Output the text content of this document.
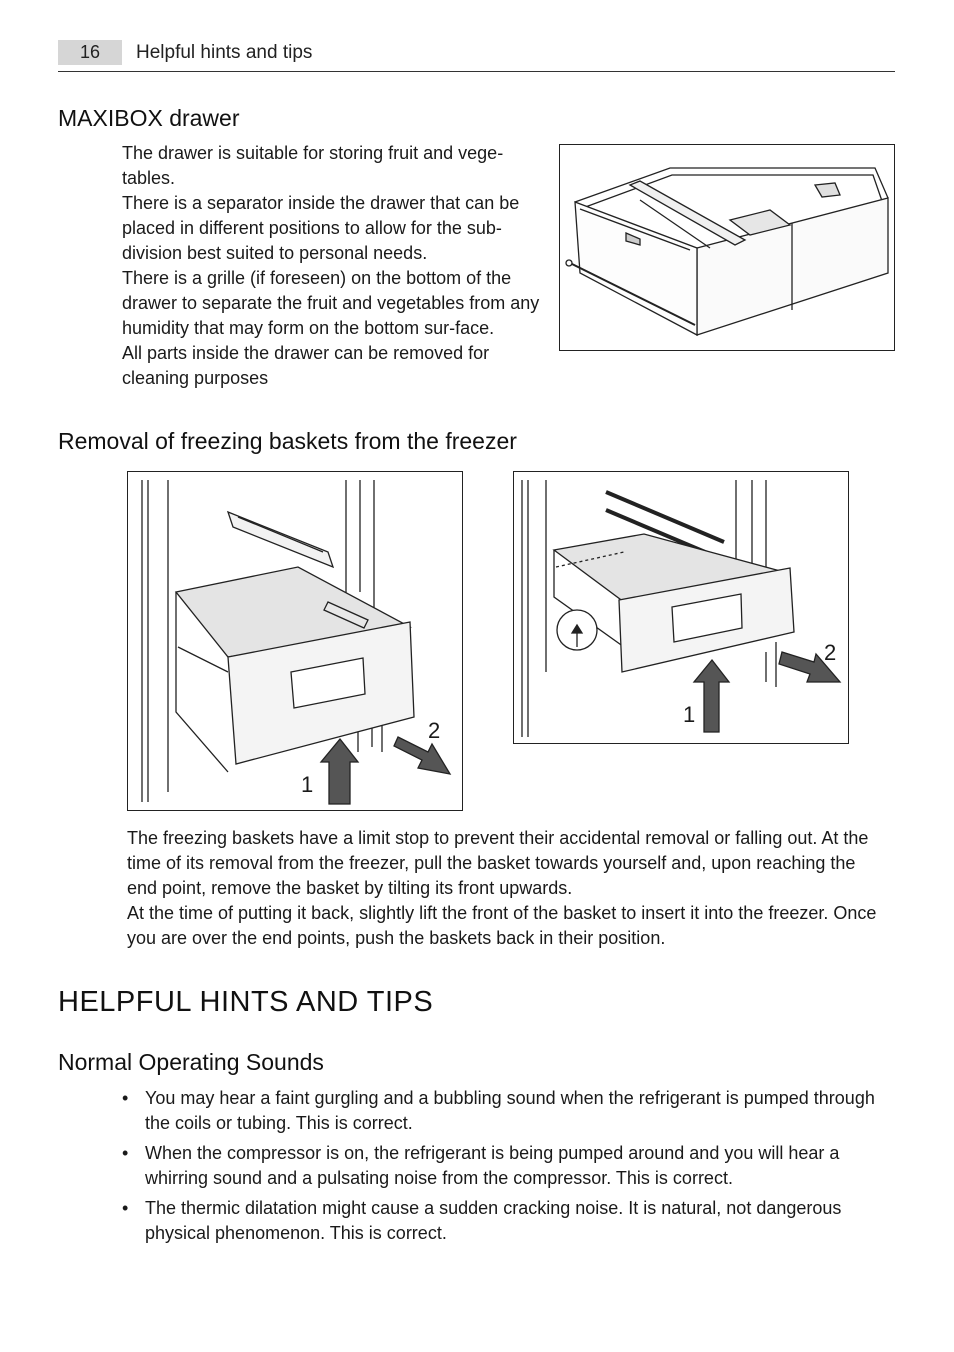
16	Helpful hints and tips
MAXIBOX drawer

The drawer is suitable for storing fruit and vege-tables.

There is a separator inside the drawer that can be placed in different positions to allow for the sub-division best suited to personal needs.

There is a grille (if foreseen) on the bottom of the drawer to separate the fruit and vegetables from any humidity that may form on the bottom sur-face.

All parts inside the drawer can be removed for cleaning purposes

Removal of freezing baskets from the freezer
2
1
2
1

The freezing baskets have a limit stop to prevent their accidental removal or falling out. At the time of its removal from the freezer, pull the basket towards yourself and, upon reaching the end point, remove the basket by tilting its front upwards.

At the time of putting it back, slightly lift the front of the basket to insert it into the freezer. Once you are over the end points, push the baskets back in their position.

HELPFUL HINTS AND TIPS
Normal Operating Sounds
• You may hear a faint gurgling and a bubbling sound when the refrigerant is pumped through the coils or tubing. This is correct.
• When the compressor is on, the refrigerant is being pumped around and you will hear a whirring sound and a pulsating noise from the compressor. This is correct.
• The thermic dilatation might cause a sudden cracking noise. It is natural, not dangerous physical phenomenon. This is correct.
